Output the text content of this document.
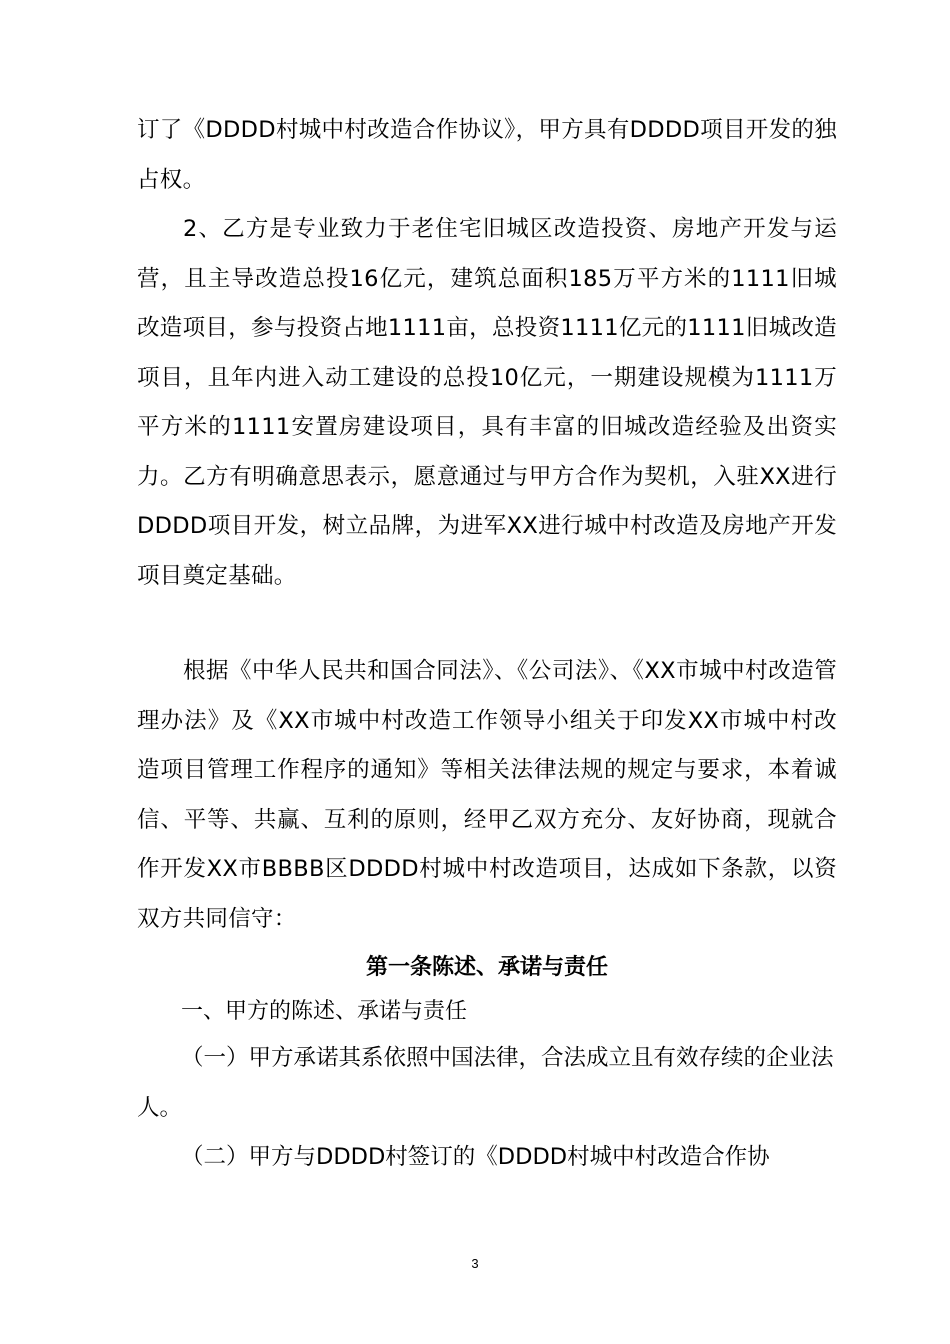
订了《DDDD村城中村改造合作协议》，甲方具有DDDD项目开发的独占权。

2、乙方是专业致力于老住宅旧城区改造投资、房地产开发与运营，且主导改造总投16亿元，建筑总面积185万平方米的1111旧城改造项目，参与投资占地1111亩，总投资1111亿元的1111旧城改造项目，且年内进入动工建设的总投10亿元，一期建设规模为1111万平方米的1111安置房建设项目，具有丰富的旧城改造经验及出资实力。乙方有明确意思表示，愿意通过与甲方合作为契机，入驻XX进行DDDD项目开发，树立品牌，为进军XX进行城中村改造及房地产开发项目奠定基础。

根据《中华人民共和国合同法》、《公司法》、《XX市城中村改造管理办法》及《XX市城中村改造工作领导小组关于印发XX市城中村改造项目管理工作程序的通知》等相关法律法规的规定与要求，本着诚信、平等、共赢、互利的原则，经甲乙双方充分、友好协商，现就合作开发XX市BBBB区DDDD村城中村改造项目，达成如下条款，以资双方共同信守：

第一条陈述、承诺与责任

一、甲方的陈述、承诺与责任

（一）甲方承诺其系依照中国法律，合法成立且有效存续的企业法人。

（二）甲方与DDDD村签订的《DDDD村城中村改造合作协

3
